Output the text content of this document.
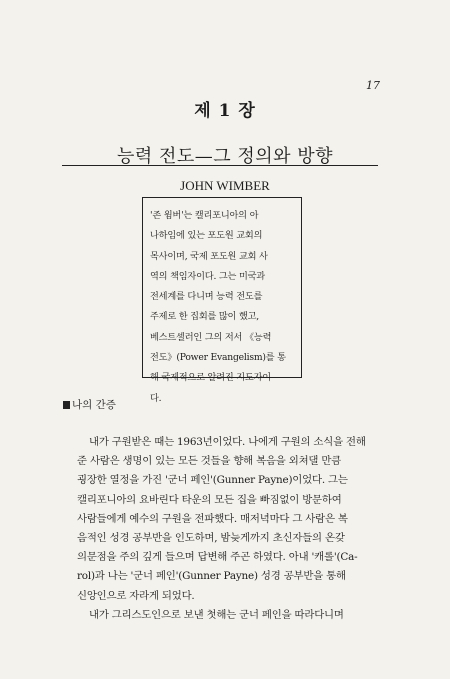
17
제 1 장
능력 전도—그 정의와 방향
JOHN WIMBER
'존 윔버'는 캘리포니아의 아
나하임에 있는 포도원 교회의
목사이며, 국제 포도원 교회 사
역의 책임자이다. 그는 미국과
전세계를 다니며 능력 전도를
주제로 한 집회를 많이 했고,
베스트셀러인 그의 저서 《능력
전도》(Power Evangelism)를 통
해 국제적으로 알려진 지도자이
다.
나의 간증
내가 구원받은 때는 1963년이었다. 나에게 구원의 소식을 전해
준 사람은 생명이 있는 모든 것들을 향해 복음을 외쳐댈 만큼
굉장한 열정을 가진 '군너 페인'(Gunner Payne)이었다. 그는
캘리포니아의 요바린다 타운의 모든 집을 빠짐없이 방문하여
사람들에게 예수의 구원을 전파했다. 매저녁마다 그 사람은 복
음적인 성경 공부반을 인도하며, 밤늦게까지 초신자들의 온갖
의문점을 주의 깊게 들으며 답변해 주곤 하였다. 아내 '캐롤'(Ca-
rol)과 나는 '군너 페인'(Gunner Payne) 성경 공부반을 통해
신앙인으로 자라게 되었다.
내가 그리스도인으로 보낸 첫해는 군너 페인을 따라다니며
